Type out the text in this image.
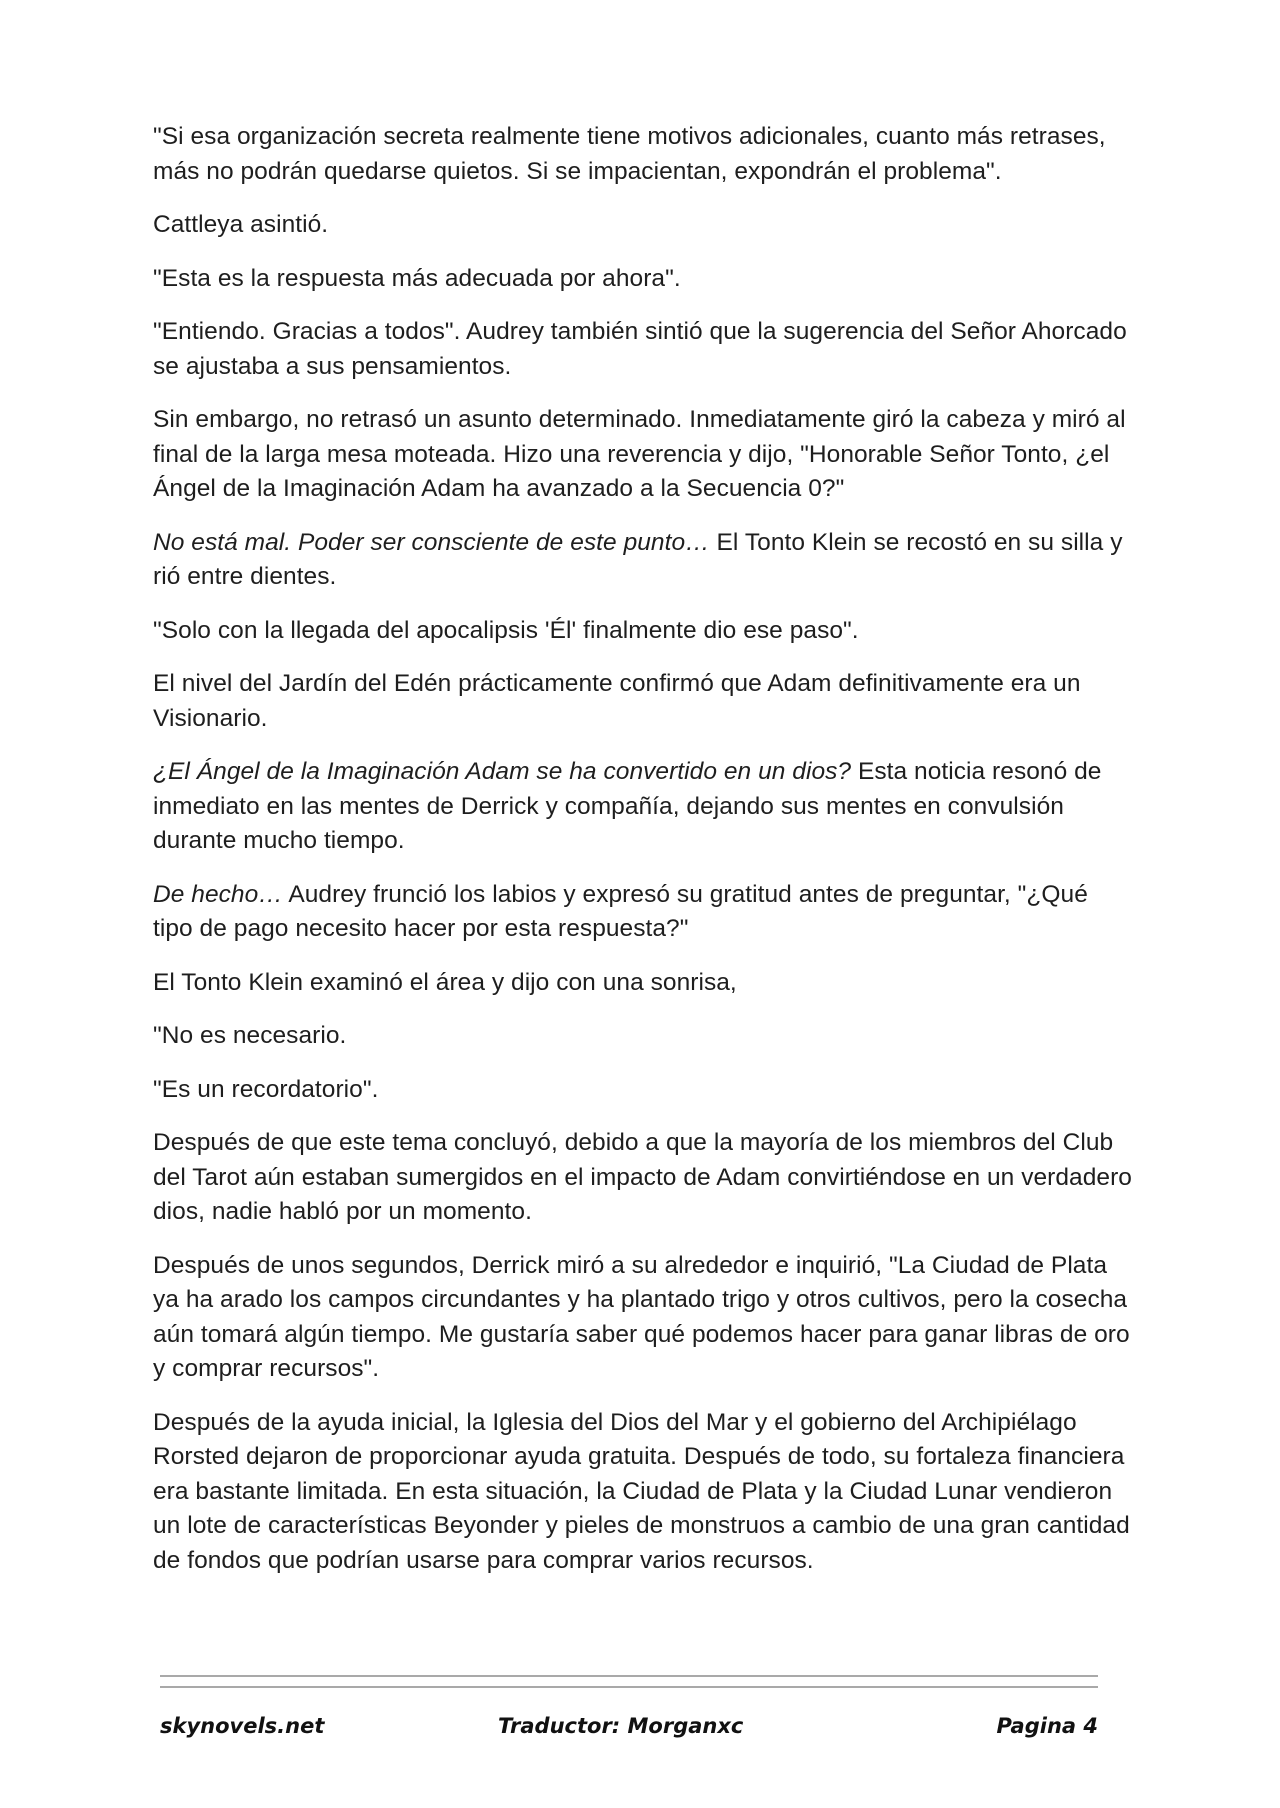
"Si esa organización secreta realmente tiene motivos adicionales, cuanto más retrases, más no podrán quedarse quietos. Si se impacientan, expondrán el problema".

Cattleya asintió.

"Esta es la respuesta más adecuada por ahora".

"Entiendo. Gracias a todos". Audrey también sintió que la sugerencia del Señor Ahorcado se ajustaba a sus pensamientos.

Sin embargo, no retrasó un asunto determinado. Inmediatamente giró la cabeza y miró al final de la larga mesa moteada. Hizo una reverencia y dijo, "Honorable Señor Tonto, ¿el Ángel de la Imaginación Adam ha avanzado a la Secuencia 0?"

No está mal. Poder ser consciente de este punto… El Tonto Klein se recostó en su silla y rió entre dientes.

"Solo con la llegada del apocalipsis 'Él' finalmente dio ese paso".

El nivel del Jardín del Edén prácticamente confirmó que Adam definitivamente era un Visionario.

¿El Ángel de la Imaginación Adam se ha convertido en un dios? Esta noticia resonó de inmediato en las mentes de Derrick y compañía, dejando sus mentes en convulsión durante mucho tiempo.

De hecho… Audrey frunció los labios y expresó su gratitud antes de preguntar, "¿Qué tipo de pago necesito hacer por esta respuesta?"

El Tonto Klein examinó el área y dijo con una sonrisa,

"No es necesario.

"Es un recordatorio".

Después de que este tema concluyó, debido a que la mayoría de los miembros del Club del Tarot aún estaban sumergidos en el impacto de Adam convirtiéndose en un verdadero dios, nadie habló por un momento.

Después de unos segundos, Derrick miró a su alrededor e inquirió, "La Ciudad de Plata ya ha arado los campos circundantes y ha plantado trigo y otros cultivos, pero la cosecha aún tomará algún tiempo. Me gustaría saber qué podemos hacer para ganar libras de oro y comprar recursos".

Después de la ayuda inicial, la Iglesia del Dios del Mar y el gobierno del Archipiélago Rorsted dejaron de proporcionar ayuda gratuita. Después de todo, su fortaleza financiera era bastante limitada. En esta situación, la Ciudad de Plata y la Ciudad Lunar vendieron un lote de características Beyonder y pieles de monstruos a cambio de una gran cantidad de fondos que podrían usarse para comprar varios recursos.

skynovels.net	Traductor: Morganxc	Pagina 4
